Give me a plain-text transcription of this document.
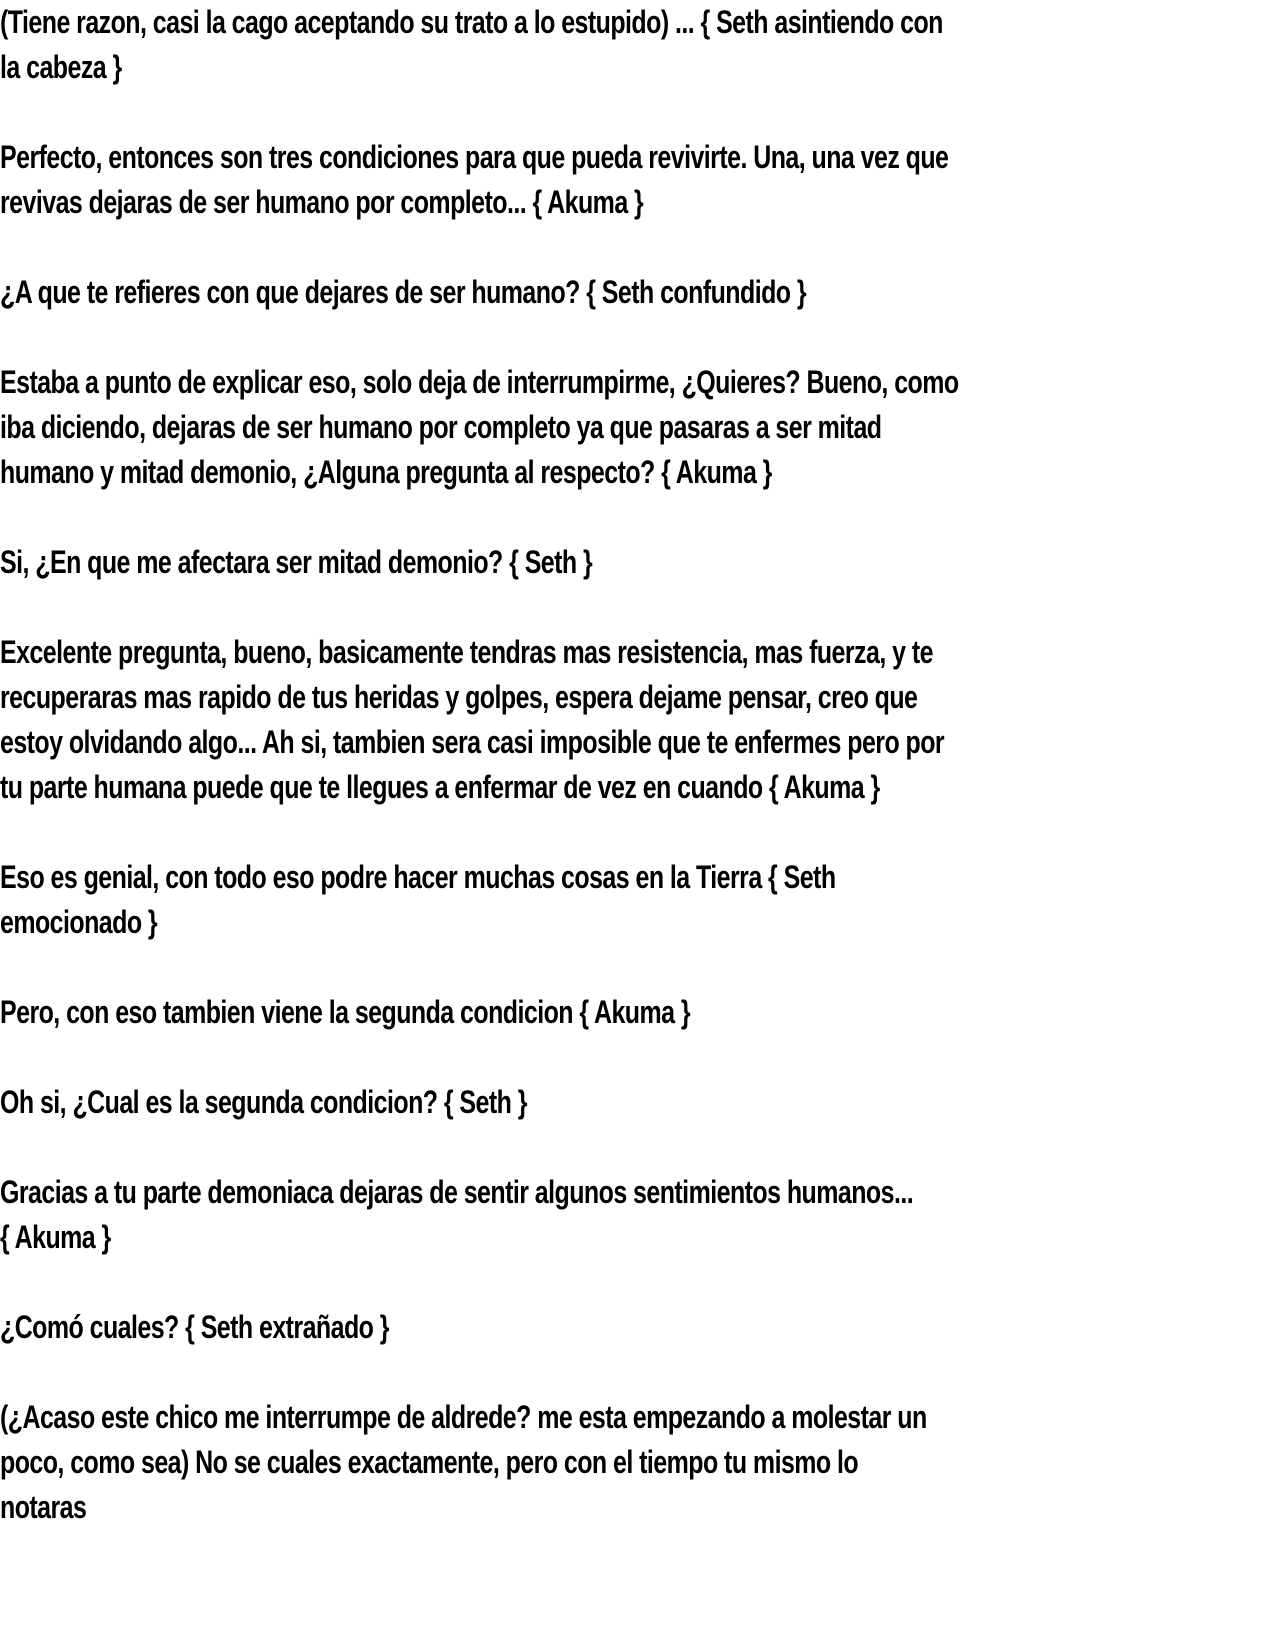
(Tiene razon, casi la cago aceptando su trato a lo estupido) ... { Seth asintiendo con
la cabeza }
Perfecto, entonces son tres condiciones para que pueda revivirte. Una, una vez que
revivas dejaras de ser humano por completo... { Akuma }
¿A que te refieres con que dejares de ser humano? { Seth confundido }
Estaba a punto de explicar eso, solo deja de interrumpirme, ¿Quieres? Bueno, como
iba diciendo, dejaras de ser humano por completo ya que pasaras a ser mitad
humano y mitad demonio, ¿Alguna pregunta al respecto? { Akuma }
Si, ¿En que me afectara ser mitad demonio? { Seth }
Excelente pregunta, bueno, basicamente tendras mas resistencia, mas fuerza, y te
recuperaras mas rapido de tus heridas y golpes, espera dejame pensar, creo que
estoy olvidando algo... Ah si, tambien sera casi imposible que te enfermes pero por
tu parte humana puede que te llegues a enfermar de vez en cuando { Akuma }
Eso es genial, con todo eso podre hacer muchas cosas en la Tierra { Seth
emocionado }
Pero, con eso tambien viene la segunda condicion { Akuma }
Oh si, ¿Cual es la segunda condicion? { Seth }
Gracias a tu parte demoniaca dejaras de sentir algunos sentimientos humanos...
{ Akuma }
¿Comó cuales? { Seth extrañado }
(¿Acaso este chico me interrumpe de aldrede? me esta empezando a molestar un
poco, como sea) No se cuales exactamente, pero con el tiempo tu mismo lo
notaras
